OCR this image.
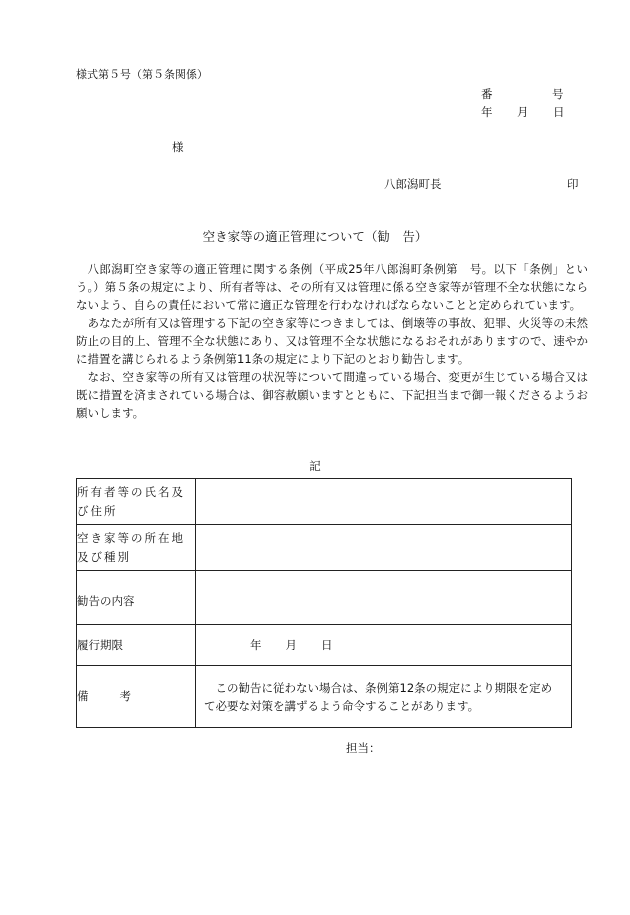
様式第５号（第５条関係）
番	号
年 月 日
様
八郎潟町長	印
空き家等の適正管理について（勧　告）

八郎潟町空き家等の適正管理に関する条例（平成25年八郎潟町条例第　号。以下「条例」という。）第５条の規定により、所有者等は、その所有又は管理に係る空き家等が管理不全な状態にならないよう、自らの責任において常に適正な管理を行わなければならないことと定められています。

あなたが所有又は管理する下記の空き家等につきましては、倒壊等の事故、犯罪、火災等の未然防止の目的上、管理不全な状態にあり、又は管理不全な状態になるおそれがありますので、速やかに措置を講じられるよう条例第11条の規定により下記のとおり勧告します。

なお、空き家等の所有又は管理の状況等について間違っている場合、変更が生じている場合又は既に措置を済まされている場合は、御容赦願いますとともに、下記担当まで御一報くださるようお願いします。

記
所有者等の氏名及び住所	
空き家等の所在地及び種別	
勧告の内容	
履行期限	年 月 日

備 考	この勧告に従わない場合は、条例第12条の規定により期限を定めて必要な対策を講ずるよう命令することがあります。
担当：
